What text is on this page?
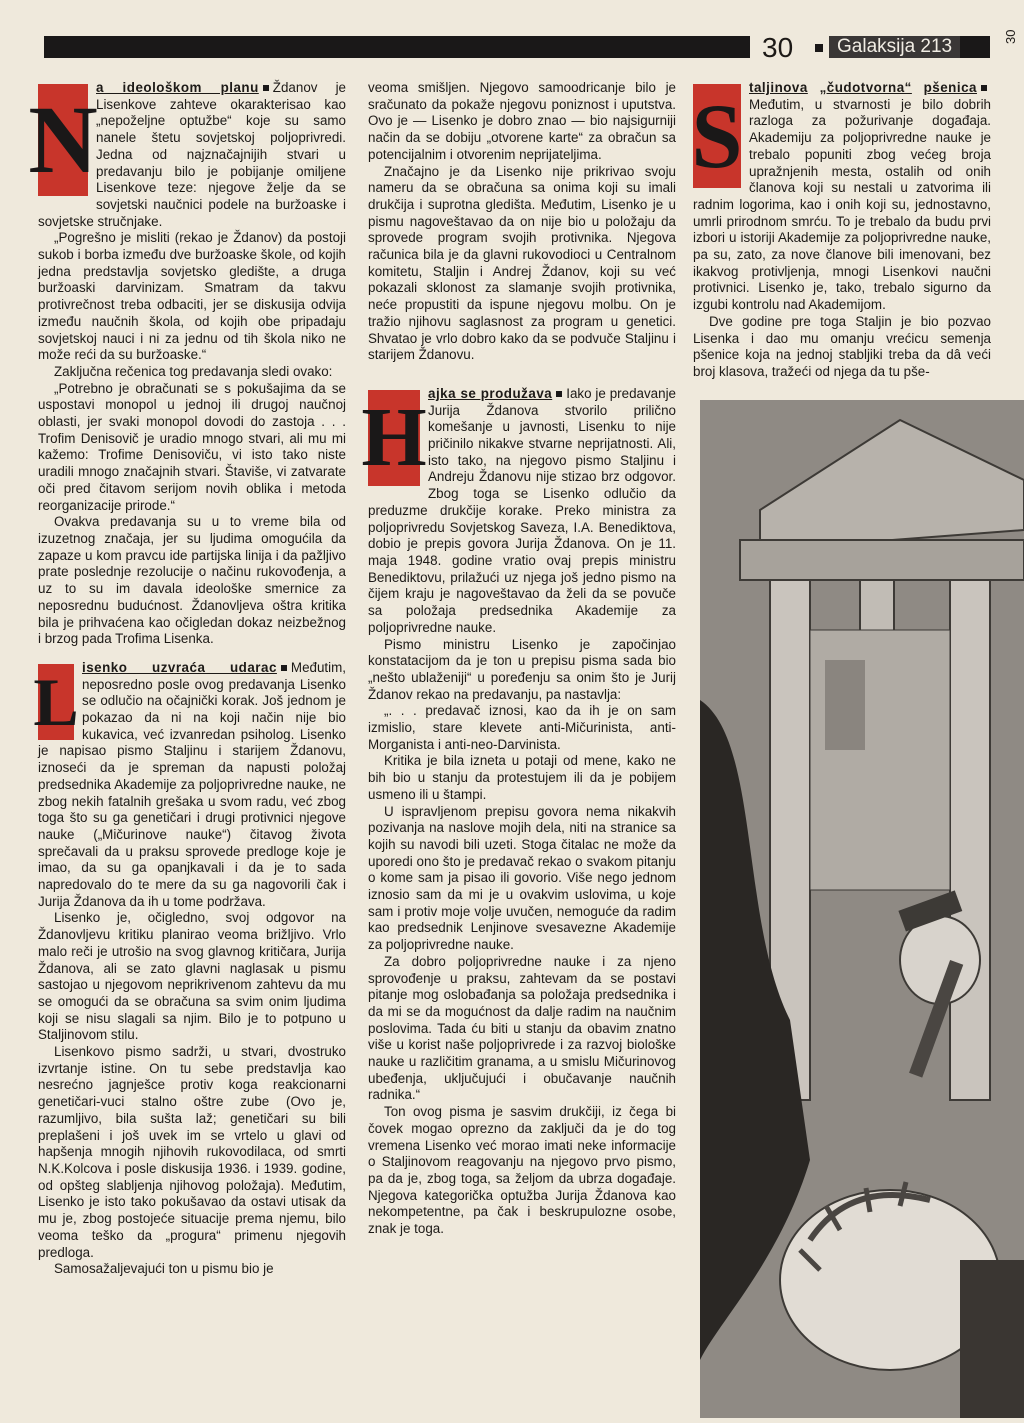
30	Galaksija 213	30
N

a ideološkom planu Ždanov je Lisenkove zahteve okarakterisao kao „nepoželjne optužbe“ koje su samo nanele štetu sovjetskoj poljoprivredi. Jedna od najznačajnijih stvari u predavanju bilo je pobijanje omiljene Lisenkove teze: njegove želje da se sovjetski naučnici podele na buržoaske i sovjetske stručnjake.

„Pogrešno je misliti (rekao je Ždanov) da postoji sukob i borba između dve buržoaske škole, od kojih jedna predstavlja sovjetsko gledište, a druga buržoaski darvinizam. Smatram da takvu protivrečnost treba odbaciti, jer se diskusija odvija između naučnih škola, od kojih obe pripadaju sovjetskoj nauci i ni za jednu od tih škola niko ne može reći da su buržoaske.“

Zaključna rečenica tog predavanja sledi ovako:

„Potrebno je obračunati se s pokušajima da se uspostavi monopol u jednoj ili drugoj naučnoj oblasti, jer svaki monopol dovodi do zastoja . . . Trofim Denisovič je uradio mnogo stvari, ali mu mi kažemo: Trofime Denisoviču, vi isto tako niste uradili mnogo značajnih stvari. Štaviše, vi zatvarate oči pred čitavom serijom novih oblika i metoda reorganizacije prirode.“

Ovakva predavanja su u to vreme bila od izuzetnog značaja, jer su ljudima omogućila da zapaze u kom pravcu ide partijska linija i da pažljivo prate poslednje rezolucije o načinu rukovođenja, a uz to su im davala ideološke smernice za neposrednu budućnost. Ždanovljeva oštra kritika bila je prihvaćena kao očigledan dokaz neizbežnog i brzog pada Trofima Lisenka.

L isenko uzvraća udarac Međutim, neposredno posle ovog predavanja Lisenko se odlučio na očajnički korak. Još jednom je pokazao da ni na koji način nije bio kukavica, već izvanredan psiholog. Lisenko je napisao pismo Staljinu i starijem Ždanovu, iznoseći da je spreman da napusti položaj predsednika Akademije za poljoprivredne nauke, ne zbog nekih fatalnih grešaka u svom radu, već zbog toga što su ga genetičari i drugi protivnici njegove nauke („Mičurinove nauke“) čitavog života sprečavali da u praksu sprovede predloge koje je imao, da su ga opanjkavali i da je to sada napredovalo do te mere da su ga nagovorili čak i Jurija Ždanova da ih u tome podržava.

Lisenko je, očigledno, svoj odgovor na Ždanovljevu kritiku planirao veoma brižljivo. Vrlo malo reči je utrošio na svog glavnog kritičara, Jurija Ždanova, ali se zato glavni naglasak u pismu sastojao u njegovom neprikrivenom zahtevu da mu se omogući da se obračuna sa svim onim ljudima koji se nisu slagali sa njim. Bilo je to potpuno u Staljinovom stilu.

Lisenkovo pismo sadrži, u stvari, dvostruko izvrtanje istine. On tu sebe predstavlja kao nesrećno jagnješce protiv koga reakcionarni genetičari-vuci stalno oštre zube (Ovo je, razumljivo, bila sušta laž; genetičari su bili preplašeni i još uvek im se vrtelo u glavi od hapšenja mnogih njihovih rukovodilaca, od smrti N.K.Kolcova i posle diskusija 1936. i 1939. godine, od opšteg slabljenja njihovog položaja). Međutim, Lisenko je isto tako pokušavao da ostavi utisak da mu je, zbog postojeće situacije prema njemu, bilo veoma teško da „progura“ primenu njegovih predloga.

Samosažaljevajući ton u pismu bio je

veoma smišljen. Njegovo samoodricanje bilo je sračunato da pokaže njegovu poniznost i uputstva. Ovo je — Lisenko je dobro znao — bio najsigurniji način da se dobiju „otvorene karte“ za obračun sa potencijalnim i otvorenim neprijateljima.

Značajno je da Lisenko nije prikrivao svoju nameru da se obračuna sa onima koji su imali drukčija i suprotna gledišta. Međutim, Lisenko je u pismu nagoveštavao da on nije bio u položaju da sprovede program svojih protivnika. Njegova računica bila je da glavni rukovodioci u Centralnom komitetu, Staljin i Andrej Ždanov, koji su već pokazali sklonost za slamanje svojih protivnika, neće propustiti da ispune njegovu molbu. On je tražio njihovu saglasnost za program u genetici. Shvatao je vrlo dobro kako da se podvuče Staljinu i starijem Ždanovu.

H ajka se produžava Iako je predavanje Jurija Ždanova stvorilo prilično komešanje u javnosti, Lisenku to nije pričinilo nikakve stvarne neprijatnosti. Ali, isto tako, na njegovo pismo Staljinu i Andreju Ždanovu nije stizao brz odgovor. Zbog toga se Lisenko odlučio da preduzme drukčije korake. Preko ministra za poljoprivredu Sovjetskog Saveza, I.A. Benediktova, dobio je prepis govora Jurija Ždanova. On je 11. maja 1948. godine vratio ovaj prepis ministru Benediktovu, prilažući uz njega još jedno pismo na čijem kraju je nagoveštavao da želi da se povuče sa položaja predsednika Akademije za poljoprivredne nauke.

Pismo ministru Lisenko je započinjao konstatacijom da je ton u prepisu pisma sada bio „nešto ublaženiji“ u poređenju sa onim što je Jurij Ždanov rekao na predavanju, pa nastavlja:

„. . . predavač iznosi, kao da ih je on sam izmislio, stare klevete anti-Mičurinista, anti-Morganista i anti-neo-Darvinista.

Kritika je bila izneta u potaji od mene, kako ne bih bio u stanju da protestujem ili da je pobijem usmeno ili u štampi.

U ispravljenom prepisu govora nema nikakvih pozivanja na naslove mojih dela, niti na stranice sa kojih su navodi bili uzeti. Stoga čitalac ne može da uporedi ono što je predavač rekao o svakom pitanju o kome sam ja pisao ili govorio. Više nego jednom iznosio sam da mi je u ovakvim uslovima, u koje sam i protiv moje volje uvučen, nemoguće da radim kao predsednik Lenjinove svesavezne Akademije za poljoprivredne nauke.

Za dobro poljoprivredne nauke i za njeno sprovođenje u praksu, zahtevam da se postavi pitanje mog oslobađanja sa položaja predsednika i da mi se da mogućnost da dalje radim na naučnim poslovima. Tada ću biti u stanju da obavim znatno više u korist naše poljoprivrede i za razvoj biološke nauke u različitim granama, a u smislu Mičurinovog ubeđenja, uključujući i obučavanje naučnih radnika.“

Ton ovog pisma je sasvim drukčiji, iz čega bi čovek mogao oprezno da zaključi da je do tog vremena Lisenko već morao imati neke informacije o Staljinovom reagovanju na njegovo prvo pismo, pa da je, zbog toga, sa željom da ubrza događaje. Njegova kategorička optužba Jurija Ždanova kao nekompetentne, pa čak i beskrupulozne osobe, znak je toga.

S taljinova „čudotvorna“ pšenicaMeđutim, u stvarnosti je bilo dobrih razloga za požurivanje događaja. Akademiju za poljoprivredne nauke je trebalo popuniti zbog većeg broja upražnjenih mesta, ostalih od onih članova koji su nestali u zatvorima ili radnim logorima, kao i onih koji su, jednostavno, umrli prirodnom smrću. To je trebalo da budu prvi izbori u istoriji Akademije za poljoprivredne nauke, pa su, zato, za nove članove bili imenovani, bez ikakvog protivljenja, mnogi Lisenkovi naučni protivnici. Lisenko je, tako, trebalo sigurno da izgubi kontrolu nad Akademijom.

Dve godine pre toga Staljin je bio pozvao Lisenka i dao mu omanju vrećicu semenja pšenice koja na jednoj stabljiki treba da dâ veći broj klasova, tražeći od njega da tu pše-
